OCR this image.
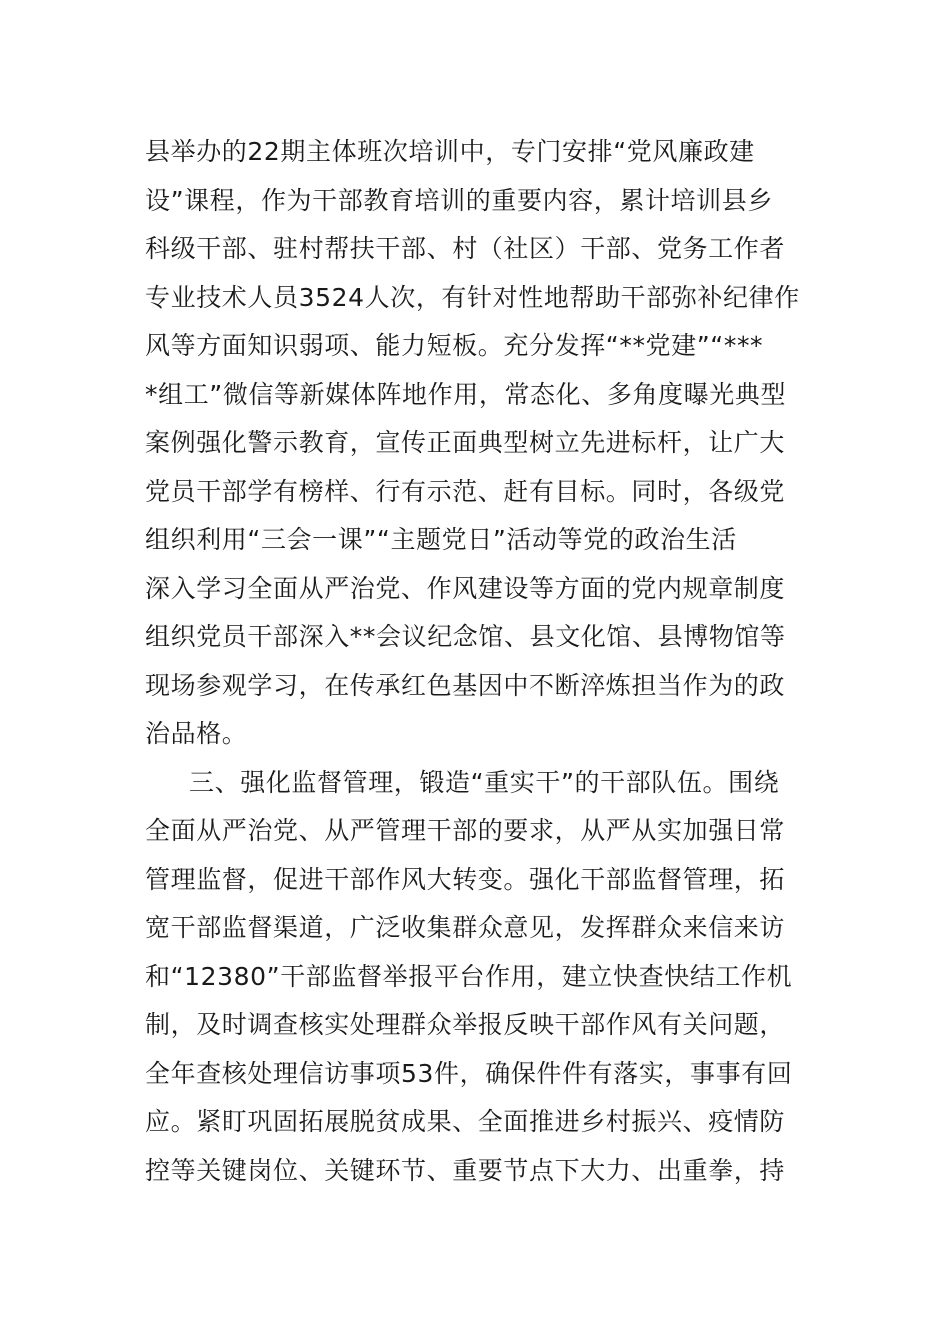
县举办的22期主体班次培训中，专门安排“党风廉政建
设”课程，作为干部教育培训的重要内容，累计培训县乡
科级干部、驻村帮扶干部、村（社区）干部、党务工作者
专业技术人员3524人次，有针对性地帮助干部弥补纪律作
风等方面知识弱项、能力短板。充分发挥“**党建”“***
*组工”微信等新媒体阵地作用，常态化、多角度曝光典型
案例强化警示教育，宣传正面典型树立先进标杆，让广大
党员干部学有榜样、行有示范、赶有目标。同时，各级党
组织利用“三会一课”“主题党日”活动等党的政治生活
深入学习全面从严治党、作风建设等方面的党内规章制度
组织党员干部深入**会议纪念馆、县文化馆、县博物馆等
现场参观学习，在传承红色基因中不断淬炼担当作为的政
治品格。
三、强化监督管理，锻造“重实干”的干部队伍。围绕
全面从严治党、从严管理干部的要求，从严从实加强日常
管理监督，促进干部作风大转变。强化干部监督管理，拓
宽干部监督渠道，广泛收集群众意见，发挥群众来信来访
和“12380”干部监督举报平台作用，建立快查快结工作机
制，及时调查核实处理群众举报反映干部作风有关问题，
全年查核处理信访事项53件，确保件件有落实，事事有回
应。紧盯巩固拓展脱贫成果、全面推进乡村振兴、疫情防
控等关键岗位、关键环节、重要节点下大力、出重拳，持
